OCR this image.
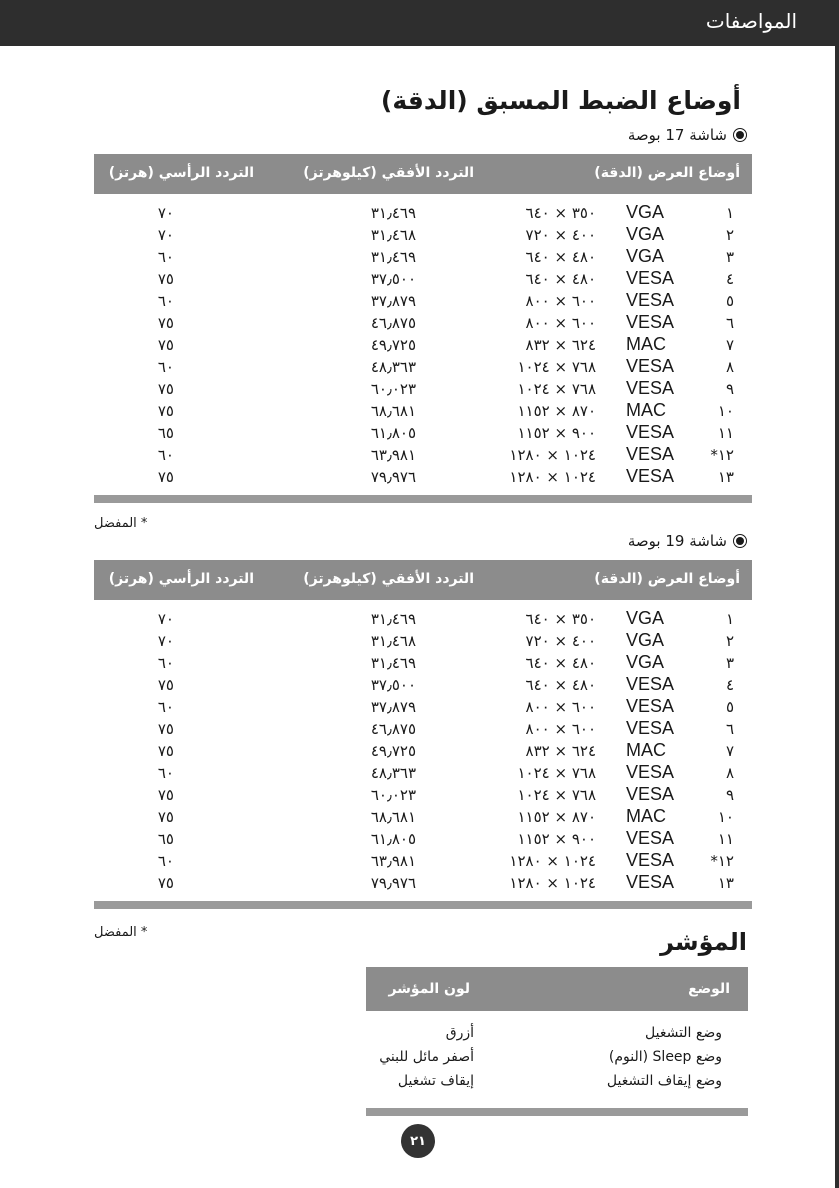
المواصفات
أوضاع الضبط المسبق (الدقة)
شاشة 17 بوصة
أوضاع العرض (الدقة)
التردد الأفقي (كيلوهرتز)
التردد الرأسي (هرتز)
١
VGA
٣٥٠ × ٦٤٠
٣١٫٤٦٩
٧٠
٢
VGA
٤٠٠ × ٧٢٠
٣١٫٤٦٨
٧٠
٣
VGA
٤٨٠ × ٦٤٠
٣١٫٤٦٩
٦٠
٤
VESA
٤٨٠ × ٦٤٠
٣٧٫٥٠٠
٧٥
٥
VESA
٦٠٠ × ٨٠٠
٣٧٫٨٧٩
٦٠
٦
VESA
٦٠٠ × ٨٠٠
٤٦٫٨٧٥
٧٥
٧
MAC
٦٢٤ × ٨٣٢
٤٩٫٧٢٥
٧٥
٨
VESA
٧٦٨ × ١٠٢٤
٤٨٫٣٦٣
٦٠
٩
VESA
٧٦٨ × ١٠٢٤
٦٠٫٠٢٣
٧٥
١٠
MAC
٨٧٠ × ١١٥٢
٦٨٫٦٨١
٧٥
١١
VESA
٩٠٠ × ١١٥٢
٦١٫٨٠٥
٦٥
١٢*
VESA
١٠٢٤ × ١٢٨٠
٦٣٫٩٨١
٦٠
١٣
VESA
١٠٢٤ × ١٢٨٠
٧٩٫٩٧٦
٧٥
* المفضل
شاشة 19 بوصة
أوضاع العرض (الدقة)
التردد الأفقي (كيلوهرتز)
التردد الرأسي (هرتز)
١
VGA
٣٥٠ × ٦٤٠
٣١٫٤٦٩
٧٠
٢
VGA
٤٠٠ × ٧٢٠
٣١٫٤٦٨
٧٠
٣
VGA
٤٨٠ × ٦٤٠
٣١٫٤٦٩
٦٠
٤
VESA
٤٨٠ × ٦٤٠
٣٧٫٥٠٠
٧٥
٥
VESA
٦٠٠ × ٨٠٠
٣٧٫٨٧٩
٦٠
٦
VESA
٦٠٠ × ٨٠٠
٤٦٫٨٧٥
٧٥
٧
MAC
٦٢٤ × ٨٣٢
٤٩٫٧٢٥
٧٥
٨
VESA
٧٦٨ × ١٠٢٤
٤٨٫٣٦٣
٦٠
٩
VESA
٧٦٨ × ١٠٢٤
٦٠٫٠٢٣
٧٥
١٠
MAC
٨٧٠ × ١١٥٢
٦٨٫٦٨١
٧٥
١١
VESA
٩٠٠ × ١١٥٢
٦١٫٨٠٥
٦٥
١٢*
VESA
١٠٢٤ × ١٢٨٠
٦٣٫٩٨١
٦٠
١٣
VESA
١٠٢٤ × ١٢٨٠
٧٩٫٩٧٦
٧٥
* المفضل	المؤشر
الوضع
لون المؤشر
وضع التشغيل
أزرق
وضع Sleep (النوم)
أصفر مائل للبني
وضع إيقاف التشغيل
إيقاف تشغيل
٢١
